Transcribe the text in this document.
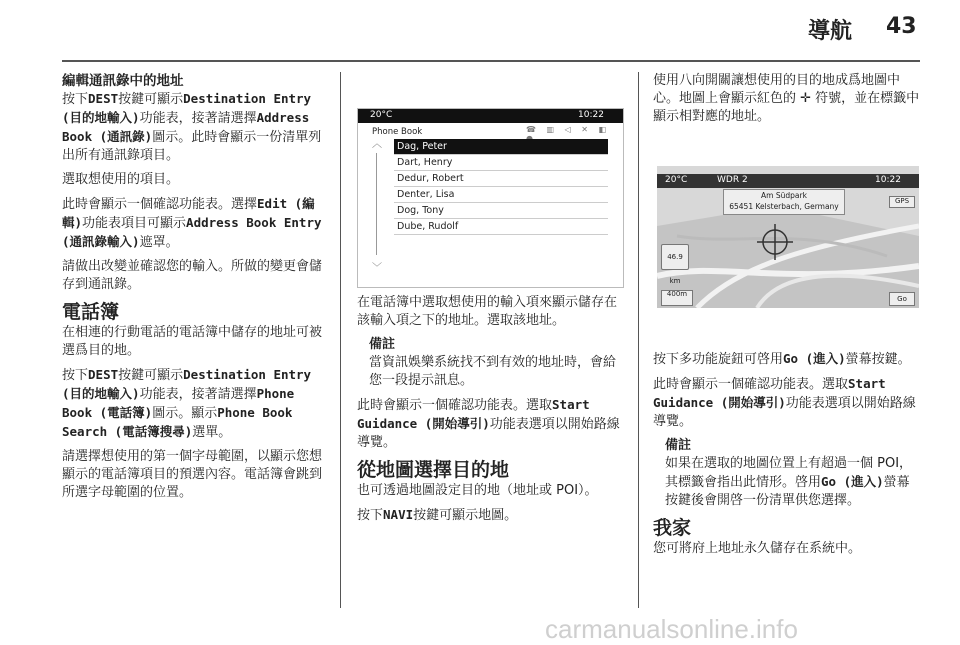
導航 43

編輯通訊錄中的地址

按下DEST按鍵可顯示Destination Entry (目的地輸入)功能表，接著請選擇Address Book (通訊錄)圖示。此時會顯示一份清單列出所有通訊錄項目。

選取想使用的項目。

此時會顯示一個確認功能表。選擇Edit (編輯)功能表項目可顯示Address Book Entry (通訊錄輸入)遮罩。

請做出改變並確認您的輸入。所做的變更會儲存到通訊錄。

電話簿

在相連的行動電話的電話簿中儲存的地址可被選爲目的地。

按下DEST按鍵可顯示Destination Entry (目的地輸入)功能表，接著請選擇Phone Book (電話簿)圖示。顯示Phone Book Search (電話簿搜尋)選單。

請選擇想使用的第一個字母範圍，以顯示您想顯示的電話簿項目的預選內容。電話簿會跳到所選字母範圍的位置。

20°C	10:22
Phone Book	☎ ▥ ◁ ✕ ◧
︿
﹀
Dag, Peter
Dart, Henry
Dedur, Robert
Denter, Lisa
Dog, Tony
Dube, Rudolf

在電話簿中選取想使用的輸入項來顯示儲存在該輸入項之下的地址。選取該地址。

備註
當資訊娛樂系統找不到有效的地址時，會給您一段提示訊息。

此時會顯示一個確認功能表。選取Start Guidance (開始導引)功能表選項以開始路線導覽。

從地圖選擇目的地

也可透過地圖設定目的地（地址或 POI）。

按下NAVI按鍵可顯示地圖。

使用八向開關讓想使用的目的地成爲地圖中心。地圖上會顯示紅色的 ✛ 符號，並在標籤中顯示相對應的地址。

20°C	WDR 2	10:22
Am Südpark
65451 Kelsterbach, Germany
GPS
Go
400m
46.9 km

按下多功能旋鈕可啓用Go (進入)螢幕按鍵。

此時會顯示一個確認功能表。選取Start Guidance (開始導引)功能表選項以開始路線導覽。

備註
如果在選取的地圖位置上有超過一個 POI，其標籤會指出此情形。啓用Go (進入)螢幕按鍵後會開啓一份清單供您選擇。

我家

您可將府上地址永久儲存在系統中。

carmanualsonline.info
